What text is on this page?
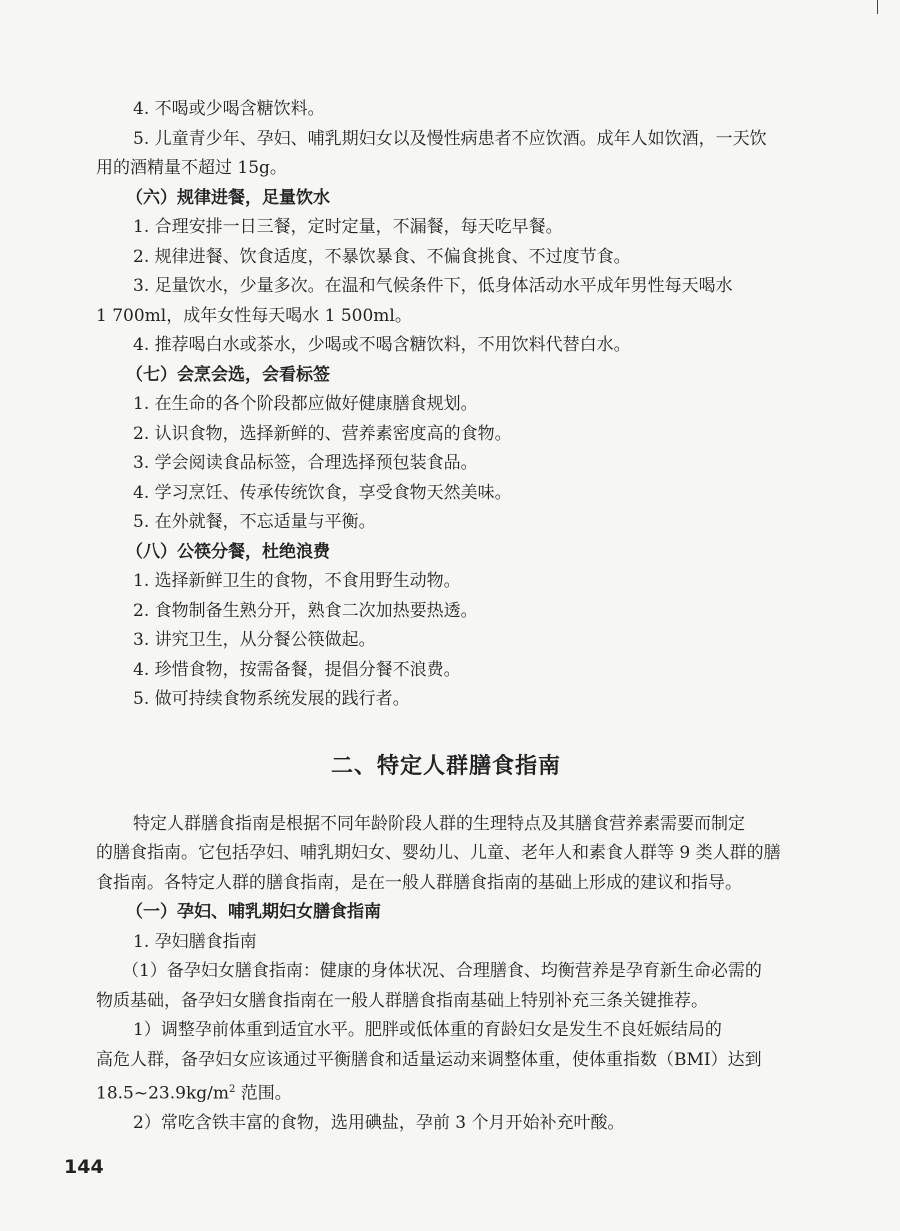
4. 不喝或少喝含糖饮料。
5. 儿童青少年、孕妇、哺乳期妇女以及慢性病患者不应饮酒。成年人如饮酒，一天饮
用的酒精量不超过 15g。
（六）规律进餐，足量饮水
1. 合理安排一日三餐，定时定量，不漏餐，每天吃早餐。
2. 规律进餐、饮食适度，不暴饮暴食、不偏食挑食、不过度节食。
3. 足量饮水，少量多次。在温和气候条件下，低身体活动水平成年男性每天喝水
1 700ml，成年女性每天喝水 1 500ml。
4. 推荐喝白水或茶水，少喝或不喝含糖饮料，不用饮料代替白水。
（七）会烹会选，会看标签
1. 在生命的各个阶段都应做好健康膳食规划。
2. 认识食物，选择新鲜的、营养素密度高的食物。
3. 学会阅读食品标签，合理选择预包装食品。
4. 学习烹饪、传承传统饮食，享受食物天然美味。
5. 在外就餐，不忘适量与平衡。
（八）公筷分餐，杜绝浪费
1. 选择新鲜卫生的食物，不食用野生动物。
2. 食物制备生熟分开，熟食二次加热要热透。
3. 讲究卫生，从分餐公筷做起。
4. 珍惜食物，按需备餐，提倡分餐不浪费。
5. 做可持续食物系统发展的践行者。
二、特定人群膳食指南
特定人群膳食指南是根据不同年龄阶段人群的生理特点及其膳食营养素需要而制定
的膳食指南。它包括孕妇、哺乳期妇女、婴幼儿、儿童、老年人和素食人群等 9 类人群的膳
食指南。各特定人群的膳食指南，是在一般人群膳食指南的基础上形成的建议和指导。
（一）孕妇、哺乳期妇女膳食指南
1. 孕妇膳食指南
（1）备孕妇女膳食指南：健康的身体状况、合理膳食、均衡营养是孕育新生命必需的
物质基础，备孕妇女膳食指南在一般人群膳食指南基础上特别补充三条关键推荐。
1）调整孕前体重到适宜水平。肥胖或低体重的育龄妇女是发生不良妊娠结局的
高危人群，备孕妇女应该通过平衡膳食和适量运动来调整体重，使体重指数（BMI）达到
$18.5\sim 23.9kg/m^2$ 范围。
2）常吃含铁丰富的食物，选用碘盐，孕前 3 个月开始补充叶酸。
144
